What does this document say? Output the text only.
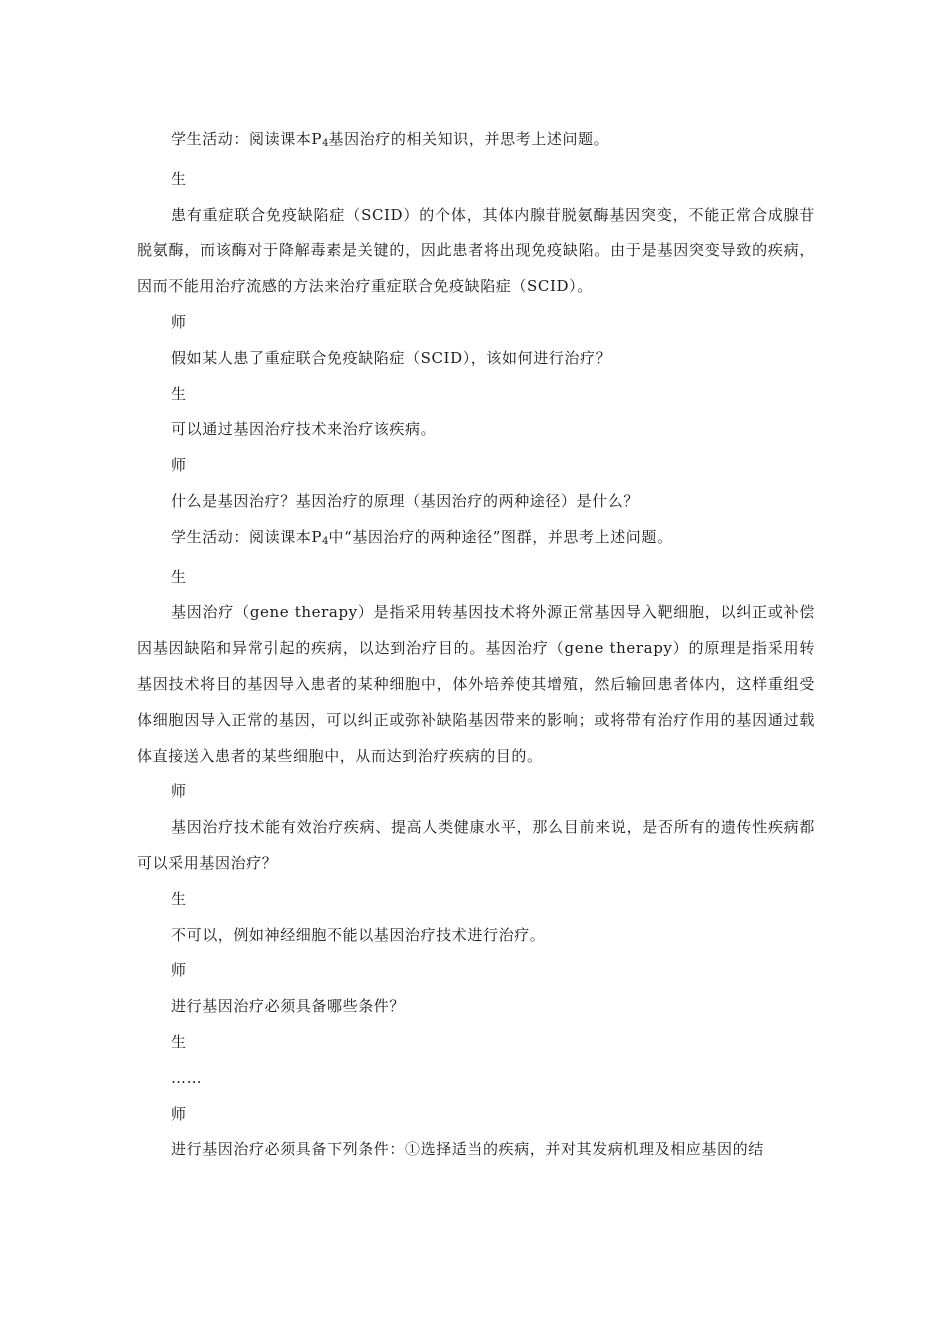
学生活动：阅读课本$P_4$基因治疗的相关知识，并思考上述问题。

生

患有重症联合免疫缺陷症（SCID）的个体，其体内腺苷脱氨酶基因突变，不能正常合成腺苷脱氨酶，而该酶对于降解毒素是关键的，因此患者将出现免疫缺陷。由于是基因突变导致的疾病，因而不能用治疗流感的方法来治疗重症联合免疫缺陷症（SCID）。

师

假如某人患了重症联合免疫缺陷症（SCID），该如何进行治疗？

生

可以通过基因治疗技术来治疗该疾病。

师

什么是基因治疗？基因治疗的原理（基因治疗的两种途径）是什么？

学生活动：阅读课本$P_4$中“基因治疗的两种途径”图群，并思考上述问题。

生

基因治疗（gene therapy）是指采用转基因技术将外源正常基因导入靶细胞，以纠正或补偿因基因缺陷和异常引起的疾病，以达到治疗目的。基因治疗（gene therapy）的原理是指采用转基因技术将目的基因导入患者的某种细胞中，体外培养使其增殖，然后输回患者体内，这样重组受体细胞因导入正常的基因，可以纠正或弥补缺陷基因带来的影响；或将带有治疗作用的基因通过载体直接送入患者的某些细胞中，从而达到治疗疾病的目的。

师

基因治疗技术能有效治疗疾病、提高人类健康水平，那么目前来说，是否所有的遗传性疾病都可以采用基因治疗？

生

不可以，例如神经细胞不能以基因治疗技术进行治疗。

师

进行基因治疗必须具备哪些条件？

生

……

师

进行基因治疗必须具备下列条件：①选择适当的疾病，并对其发病机理及相应基因的结
